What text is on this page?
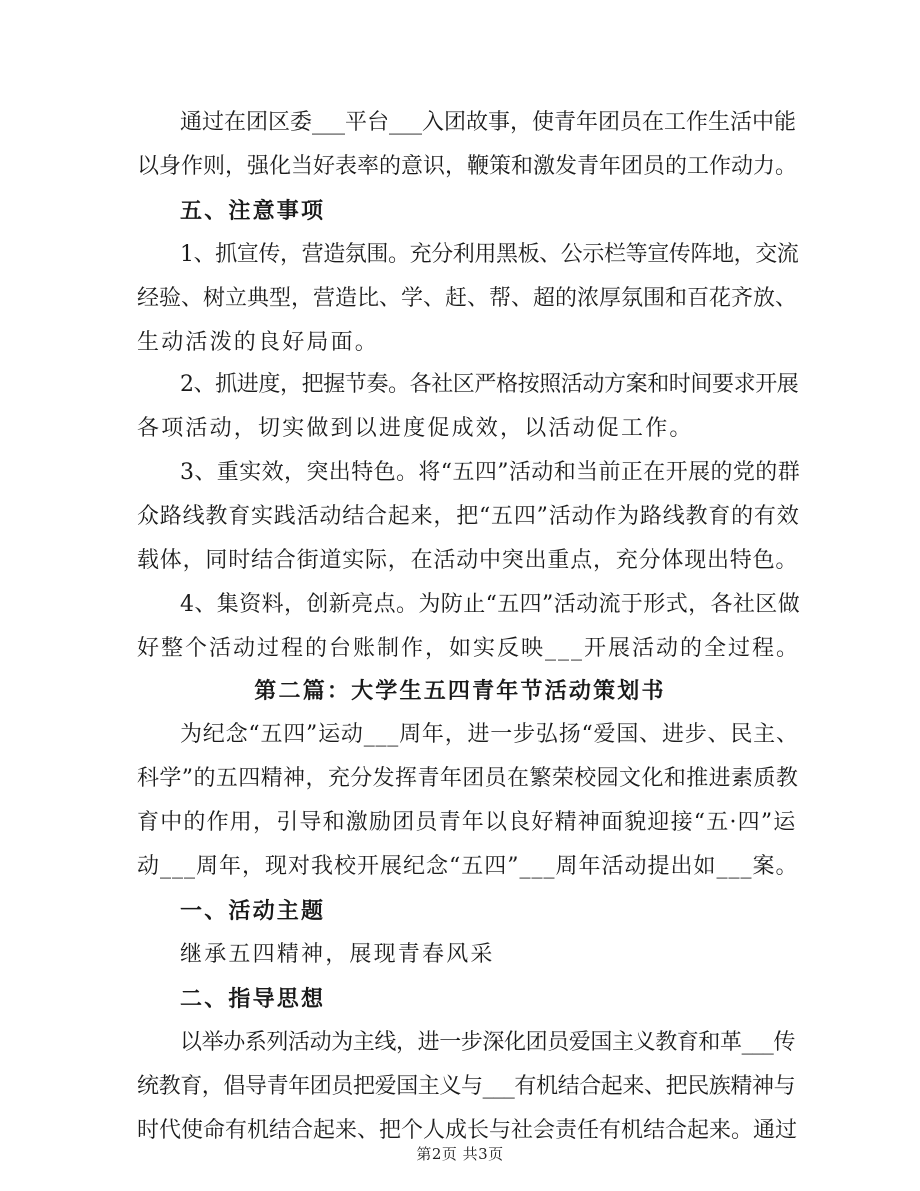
通过在团区委___平台___入团故事，使青年团员在工作生活中能
以身作则，强化当好表率的意识，鞭策和激发青年团员的工作动力。
五、注意事项
1、抓宣传，营造氛围。充分利用黑板、公示栏等宣传阵地，交流
经验、树立典型，营造比、学、赶、帮、超的浓厚氛围和百花齐放、
生动活泼的良好局面。
2、抓进度，把握节奏。各社区严格按照活动方案和时间要求开展
各项活动，切实做到以进度促成效，以活动促工作。
3、重实效，突出特色。将“五四”活动和当前正在开展的党的群
众路线教育实践活动结合起来，把“五四”活动作为路线教育的有效
载体，同时结合街道实际，在活动中突出重点，充分体现出特色。
4、集资料，创新亮点。为防止“五四”活动流于形式，各社区做
好整个活动过程的台账制作，如实反映___开展活动的全过程。
第二篇：大学生五四青年节活动策划书
为纪念“五四”运动___周年，进一步弘扬“爱国、进步、民主、
科学”的五四精神，充分发挥青年团员在繁荣校园文化和推进素质教
育中的作用，引导和激励团员青年以良好精神面貌迎接“五·四”运
动___周年，现对我校开展纪念“五四”___周年活动提出如___案。
一、活动主题
继承五四精神，展现青春风采
二、指导思想
以举办系列活动为主线，进一步深化团员爱国主义教育和革___传
统教育，倡导青年团员把爱国主义与___有机结合起来、把民族精神与
时代使命有机结合起来、把个人成长与社会责任有机结合起来。通过
第2页 共3页
